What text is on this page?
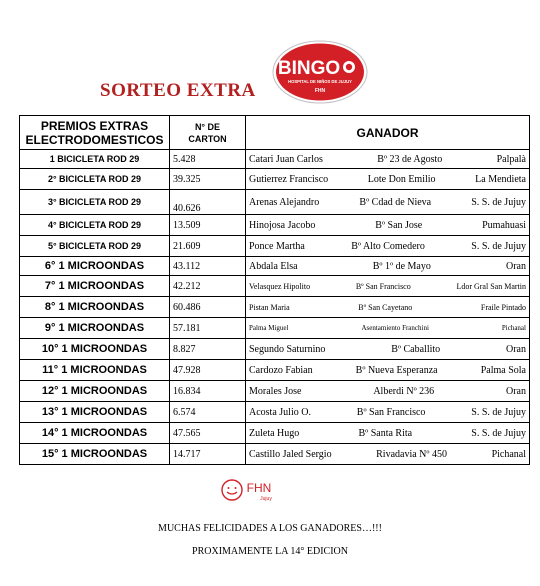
SORTEO EXTRA
BINGO
HOSPITAL DE NIÑOS DE JUJUY
FHN
PREMIOS EXTRAS ELECTRODOMESTICOS	N° DE
CARTON	GANADOR
1 BICICLETA ROD 29	5.428	Catari Juan Carlos Bº 23 de Agosto Palpalà

2° BICICLETA ROD 29	39.325	Gutierrez Francisco Lote Don Emilio La Mendieta

3° BICICLETA ROD 29	40.626	Arenas Alejandro Bº Cdad de Nieva S. S. de Jujuy

4° BICICLETA ROD 29	13.509	Hinojosa Jacobo Bº San Jose Pumahuasi

5° BICICLETA ROD 29	21.609	Ponce Martha Bº Alto Comedero S. S. de Jujuy

6° 1 MICROONDAS	43.112	Abdala Elsa Bº 1º de Mayo Oran

7° 1 MICROONDAS	42.212	Velasquez Hipolito Bº San Francisco Ldor Gral San Martin

8° 1 MICROONDAS	60.486	Pistan Maria Bº San Cayetano Fraile Pintado

9° 1 MICROONDAS	57.181	Palma Miguel Asentamiento Franchini Pichanal

10° 1 MICROONDAS	8.827	Segundo Saturnino Bº Caballito Oran

11° 1 MICROONDAS	47.928	Cardozo Fabian Bº Nueva Esperanza Palma Sola

12° 1 MICROONDAS	16.834	Morales Jose Alberdi Nº 236 Oran

13° 1 MICROONDAS	6.574	Acosta Julio O. Bº San Francisco S. S. de Jujuy

14° 1 MICROONDAS	47.565	Zuleta Hugo Bº Santa Rita S. S. de Jujuy

15° 1 MICROONDAS	14.717	Castillo Jaled Sergio Rivadavia Nº 450 Pichanal
FHN
Jujuy
MUCHAS FELICIDADES A LOS GANADORES…!!!
PROXIMAMENTE LA 14° EDICION
